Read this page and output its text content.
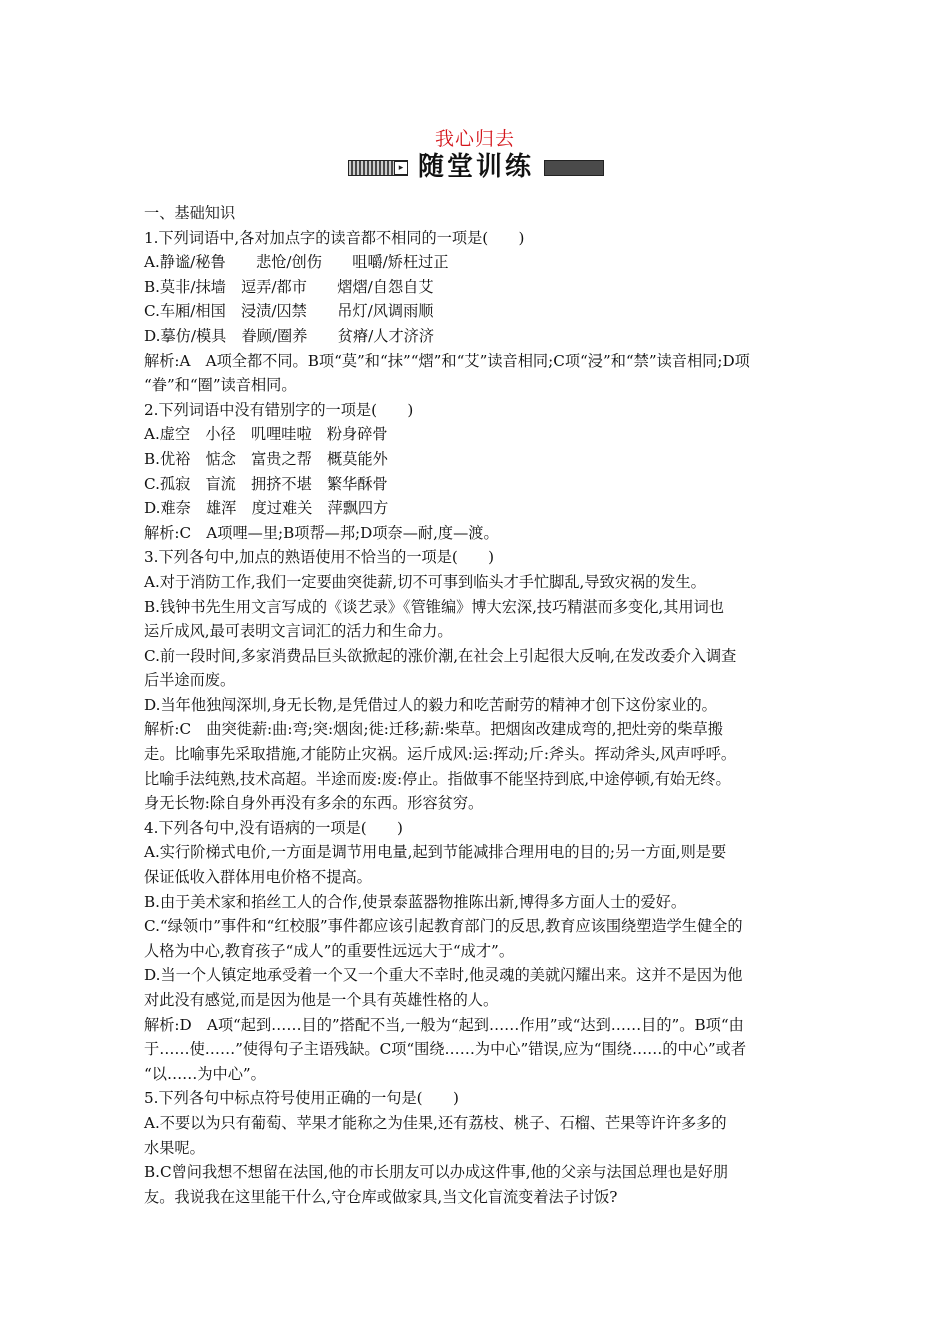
我心归去
▸ 随堂训练

一、基础知识

1.下列词语中,各对加点字的读音都不相同的一项是(　　)

A.静谧/秘鲁　　悲怆/创伤　　咀嚼/矫枉过正

B.莫非/抹墙　逗弄/都市　　熠熠/自怨自艾

C.车厢/相国　浸渍/囚禁　　吊灯/风调雨顺

D.摹仿/模具　眷顾/圈养　　贫瘠/人才济济

解析:A　A项全都不同。B项“莫”和“抹”“熠”和“艾”读音相同;C项“浸”和“禁”读音相同;D项

“眷”和“圈”读音相同。

2.下列词语中没有错别字的一项是(　　)

A.虚空　小径　叽哩哇啦　粉身碎骨

B.优裕　惦念　富贵之帮　概莫能外

C.孤寂　盲流　拥挤不堪　繁华酥骨

D.难奈　雄浑　度过难关　萍飘四方

解析:C　A项哩—里;B项帮—邦;D项奈—耐,度—渡。

3.下列各句中,加点的熟语使用不恰当的一项是(　　)

A.对于消防工作,我们一定要曲突徙薪,切不可事到临头才手忙脚乱,导致灾祸的发生。

B.钱钟书先生用文言写成的《谈艺录》《管锥编》博大宏深,技巧精湛而多变化,其用词也

运斤成风,最可表明文言词汇的活力和生命力。

C.前一段时间,多家消费品巨头欲掀起的涨价潮,在社会上引起很大反响,在发改委介入调查

后半途而废。

D.当年他独闯深圳,身无长物,是凭借过人的毅力和吃苦耐劳的精神才创下这份家业的。

解析:C　曲突徙薪:曲:弯;突:烟囱;徙:迁移;薪:柴草。把烟囱改建成弯的,把灶旁的柴草搬

走。比喻事先采取措施,才能防止灾祸。运斤成风:运:挥动;斤:斧头。挥动斧头,风声呼呼。

比喻手法纯熟,技术高超。半途而废:废:停止。指做事不能坚持到底,中途停顿,有始无终。

身无长物:除自身外再没有多余的东西。形容贫穷。

4.下列各句中,没有语病的一项是(　　)

A.实行阶梯式电价,一方面是调节用电量,起到节能减排合理用电的目的;另一方面,则是要

保证低收入群体用电价格不提高。

B.由于美术家和掐丝工人的合作,使景泰蓝器物推陈出新,博得多方面人士的爱好。

C.“绿领巾”事件和“红校服”事件都应该引起教育部门的反思,教育应该围绕塑造学生健全的

人格为中心,教育孩子“成人”的重要性远远大于“成才”。

D.当一个人镇定地承受着一个又一个重大不幸时,他灵魂的美就闪耀出来。这并不是因为他

对此没有感觉,而是因为他是一个具有英雄性格的人。

解析:D　A项“起到……目的”搭配不当,一般为“起到……作用”或“达到……目的”。B项“由

于……使……”使得句子主语残缺。C项“围绕……为中心”错误,应为“围绕……的中心”或者

“以……为中心”。

5.下列各句中标点符号使用正确的一句是(　　)

A.不要以为只有葡萄、苹果才能称之为佳果,还有荔枝、桃子、石榴、芒果等许许多多的

水果呢。

B.C曾问我想不想留在法国,他的市长朋友可以办成这件事,他的父亲与法国总理也是好朋

友。我说我在这里能干什么,守仓库或做家具,当文化盲流变着法子讨饭?
